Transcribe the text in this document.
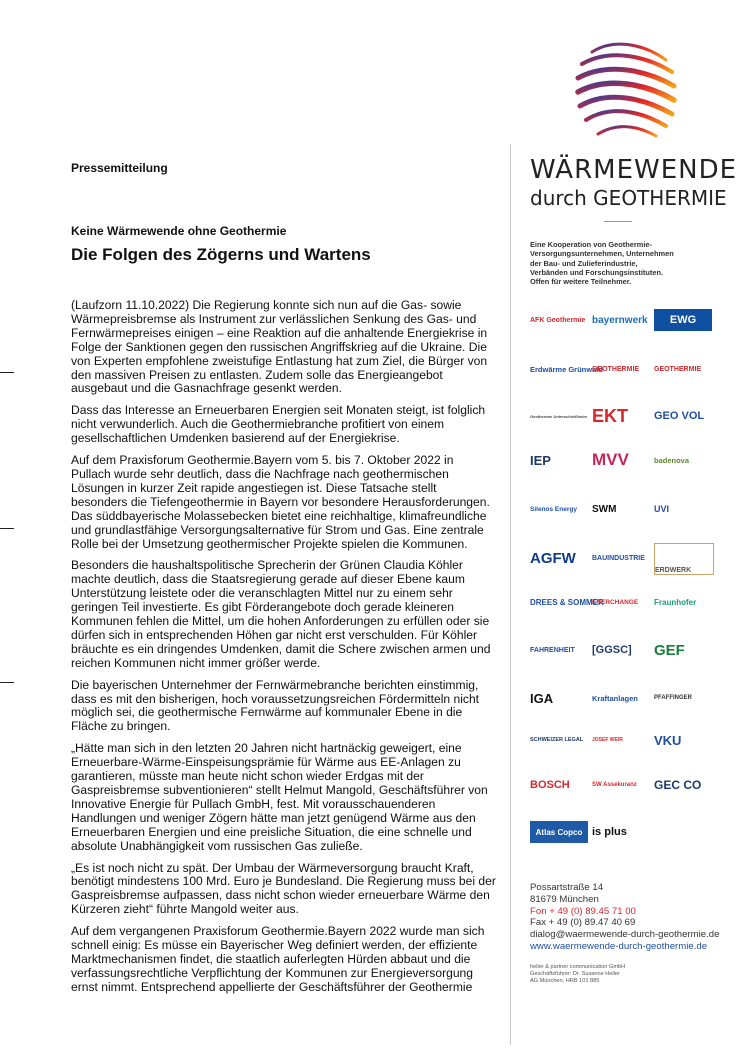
Pressemitteilung
Keine Wärmewende ohne Geothermie
Die Folgen des Zögerns und Wartens

(Laufzorn 11.10.2022) Die Regierung konnte sich nun auf die Gas- sowie Wärmepreisbremse als Instrument zur verlässlichen Senkung des Gas- und Fernwärmepreises einigen – eine Reaktion auf die anhaltende Energiekrise in Folge der Sanktionen gegen den russischen Angriffskrieg auf die Ukraine. Die von Experten empfohlene zweistufige Entlastung hat zum Ziel, die Bürger von den massiven Preisen zu entlasten. Zudem solle das Energieangebot ausgebaut und die Gasnachfrage gesenkt werden.

Dass das Interesse an Erneuerbaren Energien seit Monaten steigt, ist folglich nicht verwunderlich. Auch die Geothermiebranche profitiert von einem gesellschaftlichen Umdenken basierend auf der Energiekrise.

Auf dem Praxisforum Geothermie.Bayern vom 5. bis 7. Oktober 2022 in Pullach wurde sehr deutlich, dass die Nachfrage nach geothermischen Lösungen in kurzer Zeit rapide angestiegen ist. Diese Tatsache stellt besonders die Tiefengeothermie in Bayern vor besondere Herausforderungen. Das süddbayerische Molassebecken bietet eine reichhaltige, klimafreundliche und grundlastfähige Versorgungsalternative für Strom und Gas. Eine zentrale Rolle bei der Umsetzung geothermischer Projekte spielen die Kommunen.

Besonders die haushaltspolitische Sprecherin der Grünen Claudia Köhler machte deutlich, dass die Staatsregierung gerade auf dieser Ebene kaum Unterstützung leistete oder die veranschlagten Mittel nur zu einem sehr geringen Teil investierte. Es gibt Förderangebote doch gerade kleineren Kommunen fehlen die Mittel, um die hohen Anforderungen zu erfüllen oder sie dürfen sich in entsprechenden Höhen gar nicht erst verschulden. Für Köhler bräuchte es ein dringendes Umdenken, damit die Schere zwischen armen und reichen Kommunen nicht immer größer werde.

Die bayerischen Unternehmer der Fernwärmebranche berichten einstimmig, dass es mit den bisherigen, hoch voraussetzungsreichen Fördermitteln nicht möglich sei, die geothermische Fernwärme auf kommunaler Ebene in die Fläche zu bringen.

„Hätte man sich in den letzten 20 Jahren nicht hartnäckig geweigert, eine Erneuerbare-Wärme-Einspeisungsprämie für Wärme aus EE-Anlagen zu garantieren, müsste man heute nicht schon wieder Erdgas mit der Gaspreisbremse subventionieren“ stellt Helmut Mangold, Geschäftsführer von Innovative Energie für Pullach GmbH, fest. Mit vorausschauenderen Handlungen und weniger Zögern hätte man jetzt genügend Wärme aus den Erneuerbaren Energien und eine preisliche Situation, die eine schnelle und absolute Unabhängigkeit vom russischen Gas zuließe.

„Es ist noch nicht zu spät. Der Umbau der Wärmeversorgung braucht Kraft, benötigt mindestens 100 Mrd. Euro je Bundesland. Die Regierung muss bei der Gaspreisbremse aufpassen, dass nicht schon wieder erneuerbare Wärme den Kürzeren zieht“ führte Mangold weiter aus.

Auf dem vergangenen Praxisforum Geothermie.Bayern 2022 wurde man sich schnell einig: Es müsse ein Bayerischer Weg definiert werden, der effiziente Marktmechanismen findet, die staatlich auferlegten Hürden abbaut und die verfassungsrechtliche Verpflichtung der Kommunen zur Energieversorgung ernst nimmt. Entsprechend appellierte der Geschäftsführer der Geothermie

WÄRMEWENDE
durch GEOTHERMIE
Eine Kooperation von Geothermie-
Versorgungsunternehmen, Unternehmen
der Bau- und Zulieferindustrie,
Verbänden und Forschungsinstituten.
Offen für weitere Teilnehmer.
AFK Geothermie bayernwerk EWG
Erdwärme Grünwald
GEOTHERMIE GEOTHERMIE
Geothermie Unterschleißheim EKT GEO VOL
IEP MVV	badenova
Silenos Energy SWM	UVI
AGFW BAUINDUSTRIE
ERDWERK
DREES & SOMMER
ENERCHANGE Fraunhofer
FAHRENHEIT [GGSC] GEF
IGA	Kraftanlagen	PFAFFINGER
SCHWEIZER LEGAL JOSEF WEIR VKU
BOSCH	SW Assekuranz GEC CO
Atlas Copco is plus
Possartstraße 14
81679 München
Fon + 49 (0) 89.45 71 00
Fax + 49 (0) 89.47 40 69
dialog@waermewende-durch-geothermie.de
www.waermewende-durch-geothermie.de
heller & partner communication GmbH
Geschäftsführer: Dr. Susanne Heller
AG München, HRB 101 885
